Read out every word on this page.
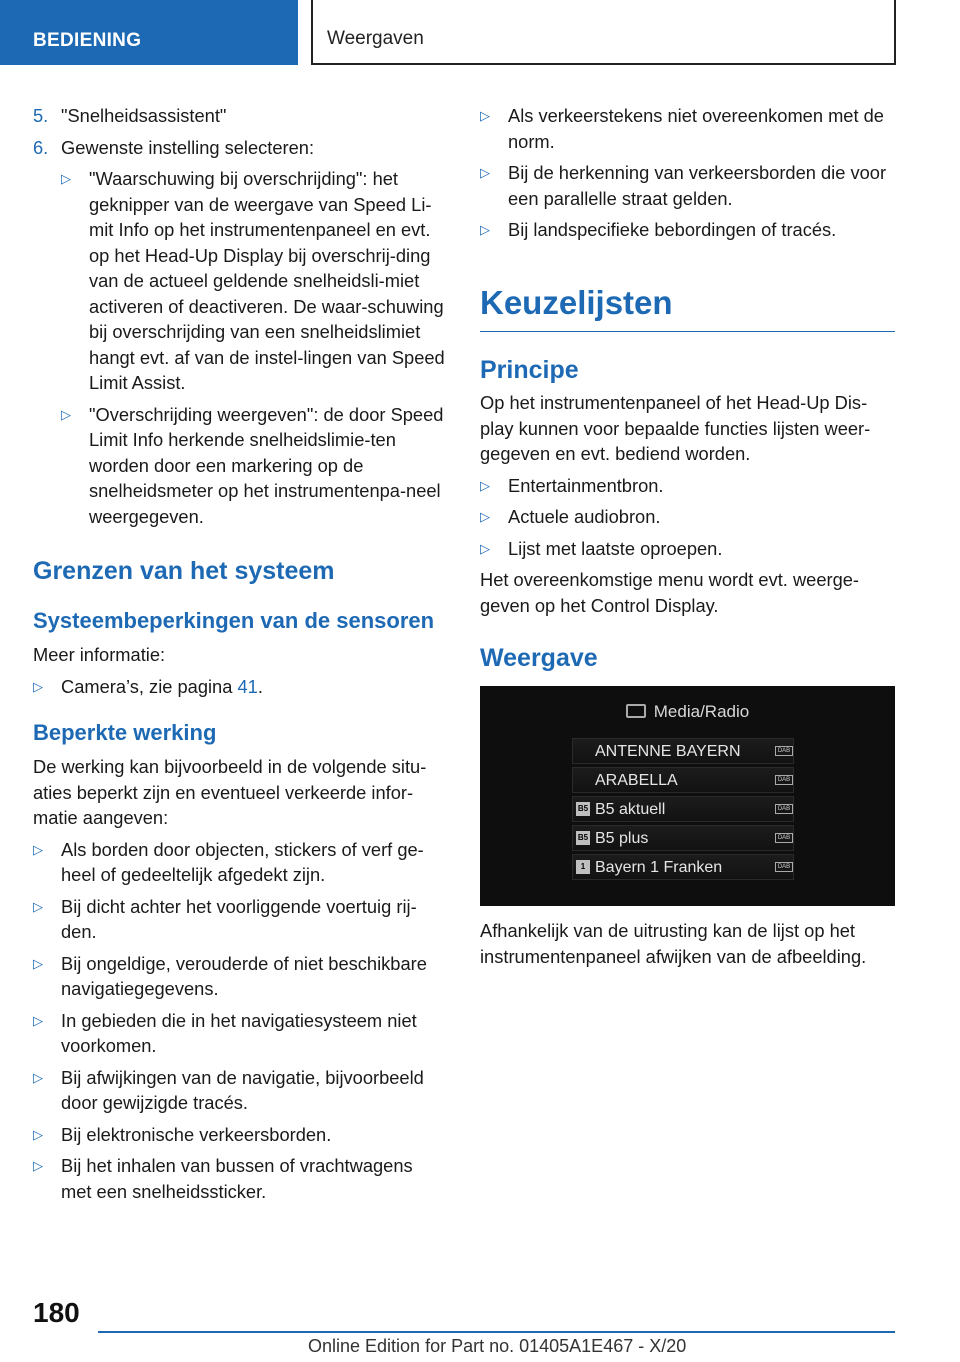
BEDIENING	Weergaven
5. "Snelheidsassistent"
6. Gewenste instelling selecteren:
▷ "Waarschuwing bij overschrijding": het geknipper van de weergave van Speed Li-mit Info op het instrumentenpaneel en evt. op het Head-Up Display bij overschrij-ding van de actueel geldende snelheidsli-miet activeren of deactiveren. De waar-schuwing bij overschrijding van een snelheidslimiet hangt evt. af van de instel-lingen van Speed Limit Assist.
▷ "Overschrijding weergeven": de door Speed Limit Info herkende snelheidslimie-ten worden door een markering op de snelheidsmeter op het instrumentenpa-neel weergegeven.
Grenzen van het systeem
Systeembeperkingen van de sensoren
Meer informatie:
▷ Camera’s, zie pagina 41.
Beperkte werking
De werking kan bijvoorbeeld in de volgende situ-aties beperkt zijn en eventueel verkeerde infor-matie aangeven:
▷ Als borden door objecten, stickers of verf ge-heel of gedeeltelijk afgedekt zijn.
▷ Bij dicht achter het voorliggende voertuig rij-den.
▷ Bij ongeldige, verouderde of niet beschikbare navigatiegegevens.
▷ In gebieden die in het navigatiesysteem niet voorkomen.
▷ Bij afwijkingen van de navigatie, bijvoorbeeld door gewijzigde tracés.
▷ Bij elektronische verkeersborden.
▷ Bij het inhalen van bussen of vrachtwagens met een snelheidssticker.
▷ Als verkeerstekens niet overeenkomen met de norm.
▷ Bij de herkenning van verkeersborden die voor een parallelle straat gelden.
▷ Bij landspecifieke bebordingen of tracés.
Keuzelijsten
Principe
Op het instrumentenpaneel of het Head-Up Dis-play kunnen voor bepaalde functies lijsten weer-gegeven en evt. bediend worden.
▷ Entertainmentbron.
▷ Actuele audiobron.
▷ Lijst met laatste oproepen.
Het overeenkomstige menu wordt evt. weerge-geven op het Control Display.
Weergave
Media/Radio
ANTENNE BAYERN	DAB
ARABELLA	DAB
B5 B5 aktuell	DAB
B5 B5 plus	DAB
1 Bayern 1 Franken	DAB
Afhankelijk van de uitrusting kan de lijst op het instrumentenpaneel afwijken van de afbeelding.
180
Online Edition for Part no. 01405A1E467 - X/20
